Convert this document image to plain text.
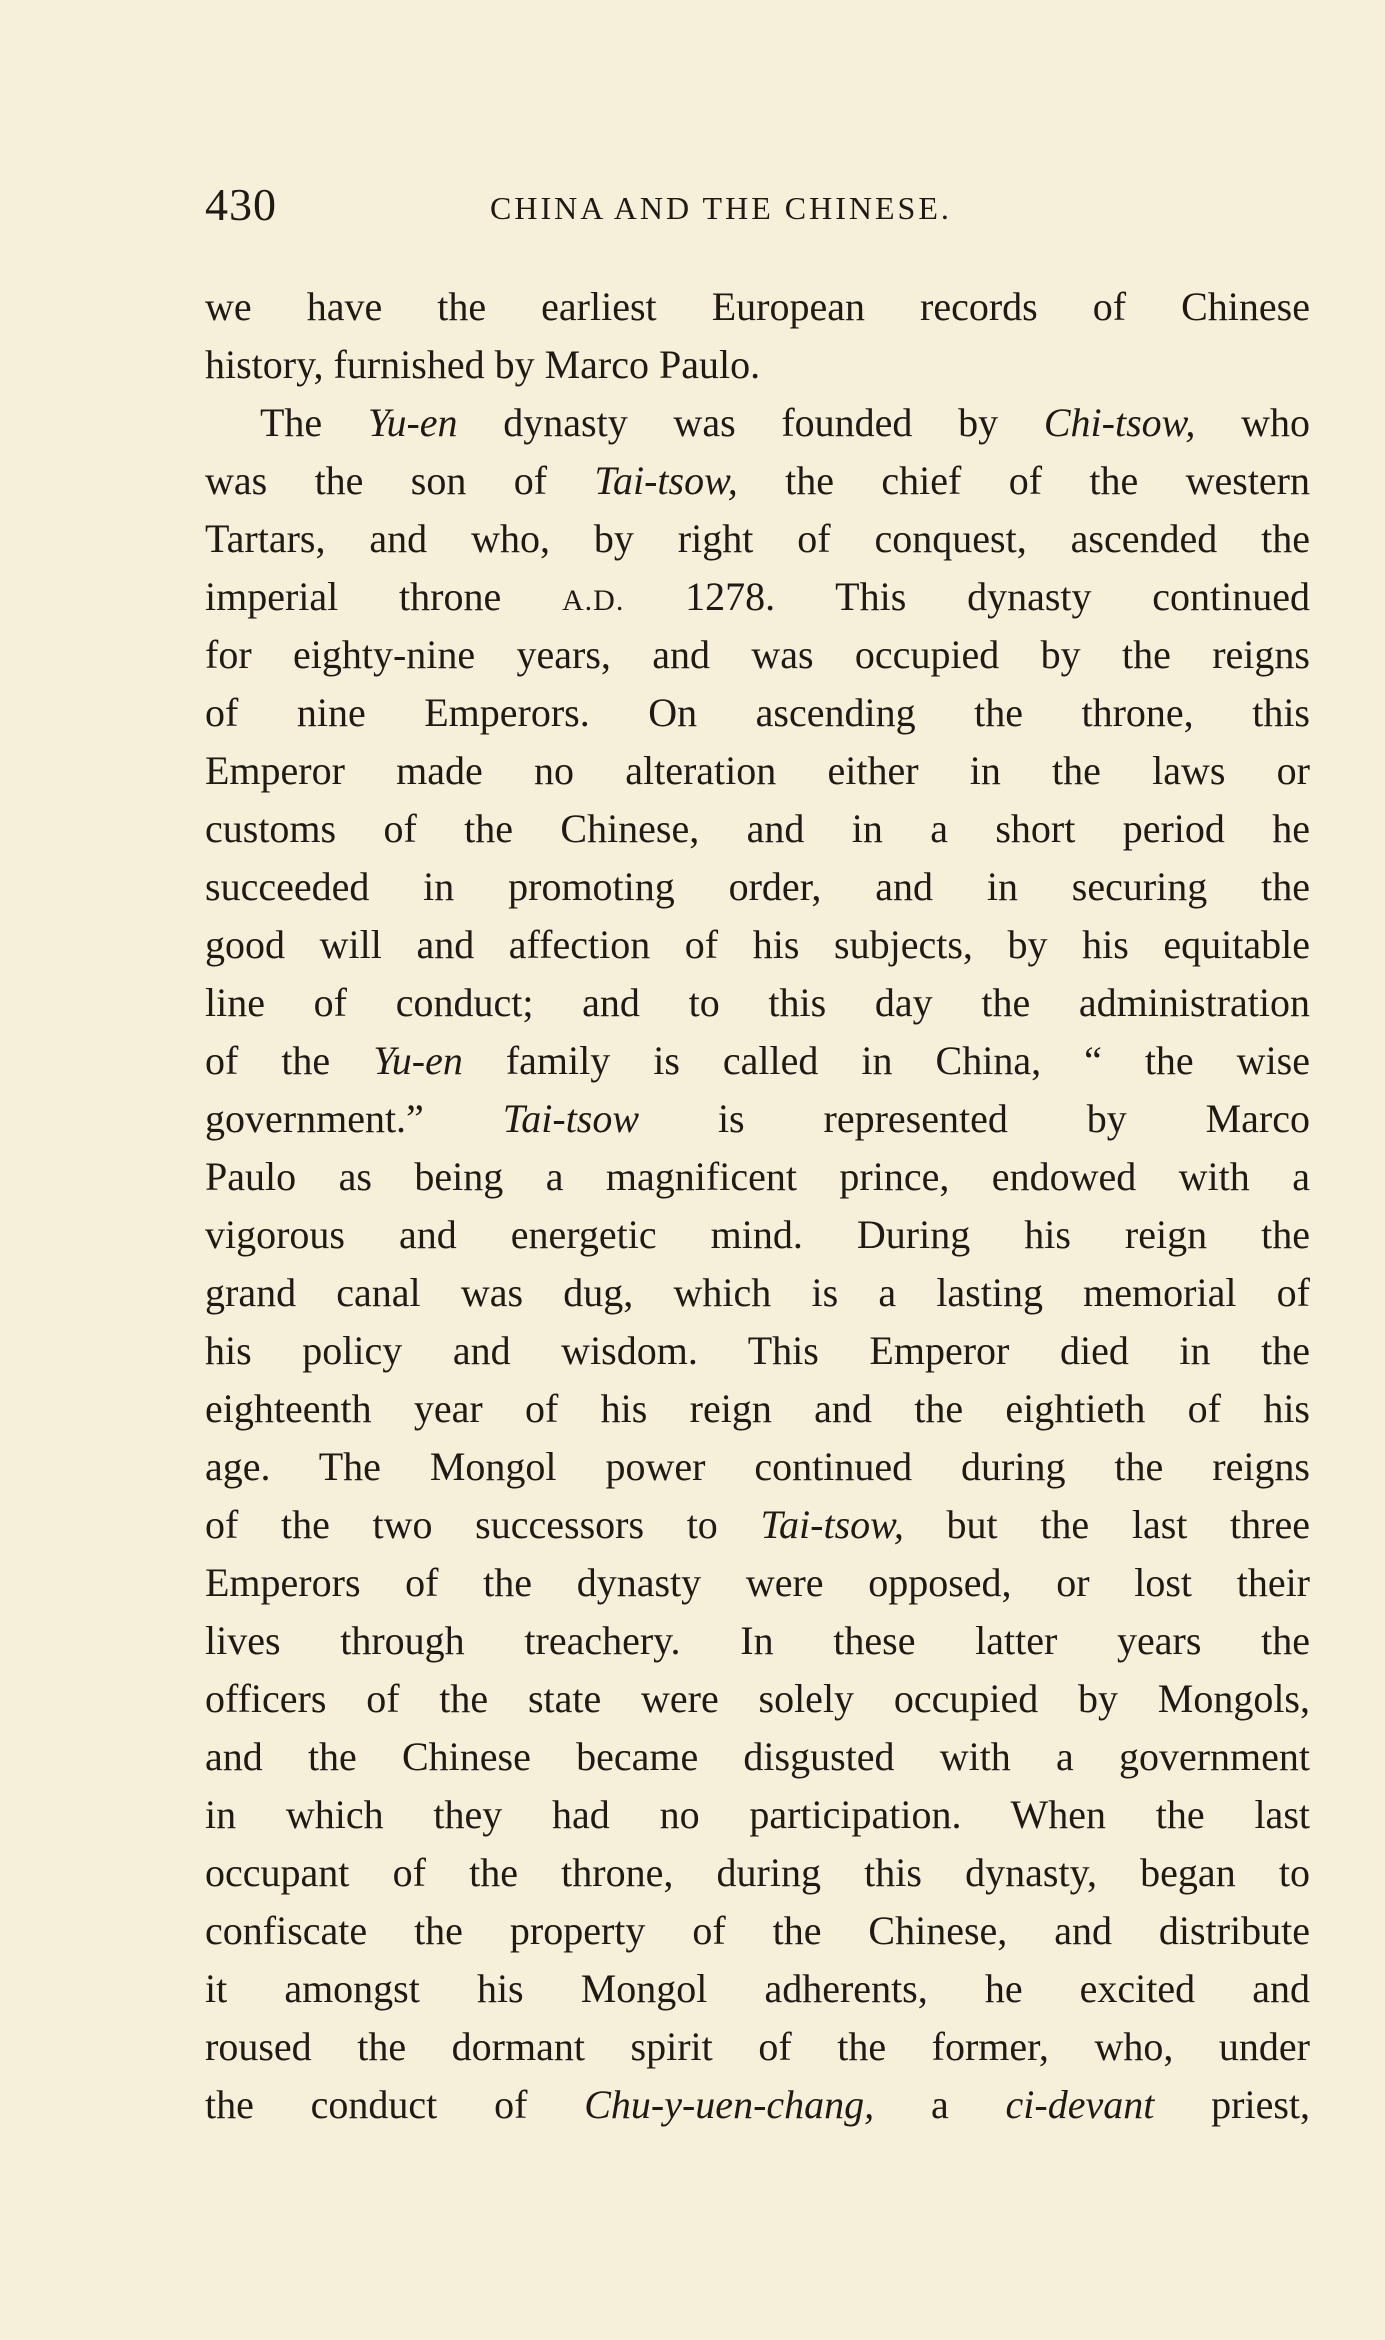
430	CHINA AND THE CHINESE.
we have the earliest European records of Chinese
history, furnished by Marco Paulo.
The Yu-en dynasty was founded by Chi-tsow, who
was the son of Tai-tsow, the chief of the western
Tartars, and who, by right of conquest, ascended the
imperial throne A.D. 1278. This dynasty continued
for eighty-nine years, and was occupied by the reigns
of nine Emperors. On ascending the throne, this
Emperor made no alteration either in the laws or
customs of the Chinese, and in a short period he
succeeded in promoting order, and in securing the
good will and affection of his subjects, by his equitable
line of conduct; and to this day the administration
of the Yu-en family is called in China, “ the wise
government.” Tai-tsow is represented by Marco
Paulo as being a magnificent prince, endowed with a
vigorous and energetic mind. During his reign the
grand canal was dug, which is a lasting memorial of
his policy and wisdom. This Emperor died in the
eighteenth year of his reign and the eightieth of his
age. The Mongol power continued during the reigns
of the two successors to Tai-tsow, but the last three
Emperors of the dynasty were opposed, or lost their
lives through treachery. In these latter years the
officers of the state were solely occupied by Mongols,
and the Chinese became disgusted with a government
in which they had no participation. When the last
occupant of the throne, during this dynasty, began to
confiscate the property of the Chinese, and distribute
it amongst his Mongol adherents, he excited and
roused the dormant spirit of the former, who, under
the conduct of Chu-y-uen-chang, a ci-devant priest,
